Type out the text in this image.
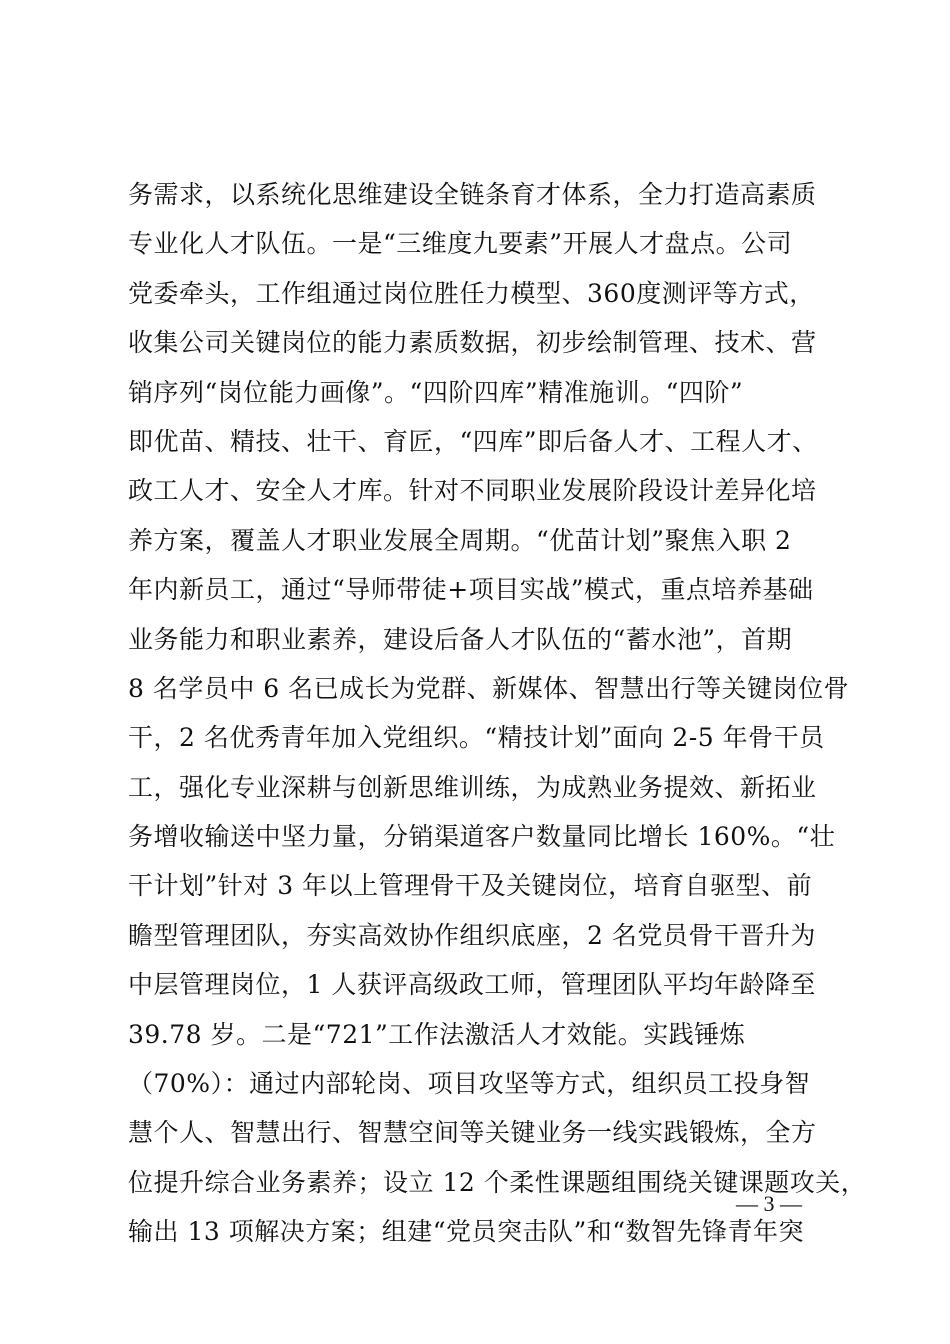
务需求，以系统化思维建设全链条育才体系，全力打造高素质
专业化人才队伍。一是“三维度九要素”开展人才盘点。公司
党委牵头，工作组通过岗位胜任力模型、360度测评等方式，
收集公司关键岗位的能力素质数据，初步绘制管理、技术、营
销序列“岗位能力画像”。“四阶四库”精准施训。“四阶”
即优苗、精技、壮干、育匠，“四库”即后备人才、工程人才、
政工人才、安全人才库。针对不同职业发展阶段设计差异化培
养方案，覆盖人才职业发展全周期。“优苗计划”聚焦入职 2
年内新员工，通过“导师带徒+项目实战”模式，重点培养基础
业务能力和职业素养，建设后备人才队伍的“蓄水池”，首期
8 名学员中 6 名已成长为党群、新媒体、智慧出行等关键岗位骨
干，2 名优秀青年加入党组织。“精技计划”面向 2-5 年骨干员
工，强化专业深耕与创新思维训练，为成熟业务提效、新拓业
务增收输送中坚力量，分销渠道客户数量同比增长 160%。“壮
干计划”针对 3 年以上管理骨干及关键岗位，培育自驱型、前
瞻型管理团队，夯实高效协作组织底座，2 名党员骨干晋升为
中层管理岗位，1 人获评高级政工师，管理团队平均年龄降至
39.78 岁。二是“721”工作法激活人才效能。实践锤炼
（70%）：通过内部轮岗、项目攻坚等方式，组织员工投身智
慧个人、智慧出行、智慧空间等关键业务一线实践锻炼，全方
位提升综合业务素养；设立 12 个柔性课题组围绕关键课题攻关，
输出 13 项解决方案；组建“党员突击队”和“数智先锋青年突
— 3 —
